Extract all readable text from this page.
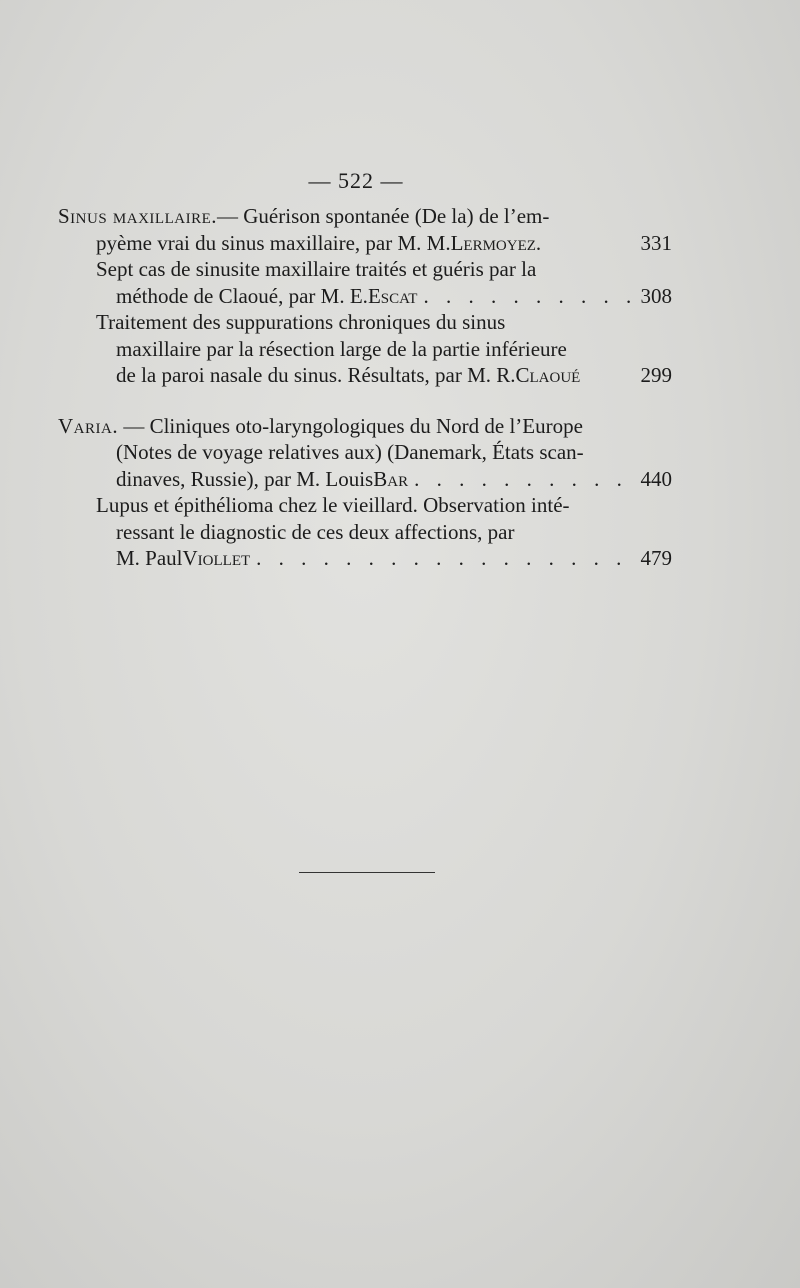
— 522 —
Sinus maxillaire.— Guérison spontanée (De la) de l’em-
pyème vrai du sinus maxillaire, par M. M. Lermoyez .	331
Sept cas de sinusite maxillaire traités et guéris par la
méthode de Claoué, par M. E. Escat . . .	308
Traitement des suppurations chroniques du sinus
maxillaire par la résection large de la partie inférieure
de la paroi nasale du sinus. Résultats, par M. R. Claoué	299
Varia. — Cliniques oto-laryngologiques du Nord de l’Europe
(Notes de voyage relatives aux) (Danemark, États scan-
dinaves, Russie), par M. Louis Bar . . .	440
Lupus et épithélioma chez le vieillard. Observation inté-
ressant le diagnostic de ces deux affections, par
M. Paul Viollet . . .	479
